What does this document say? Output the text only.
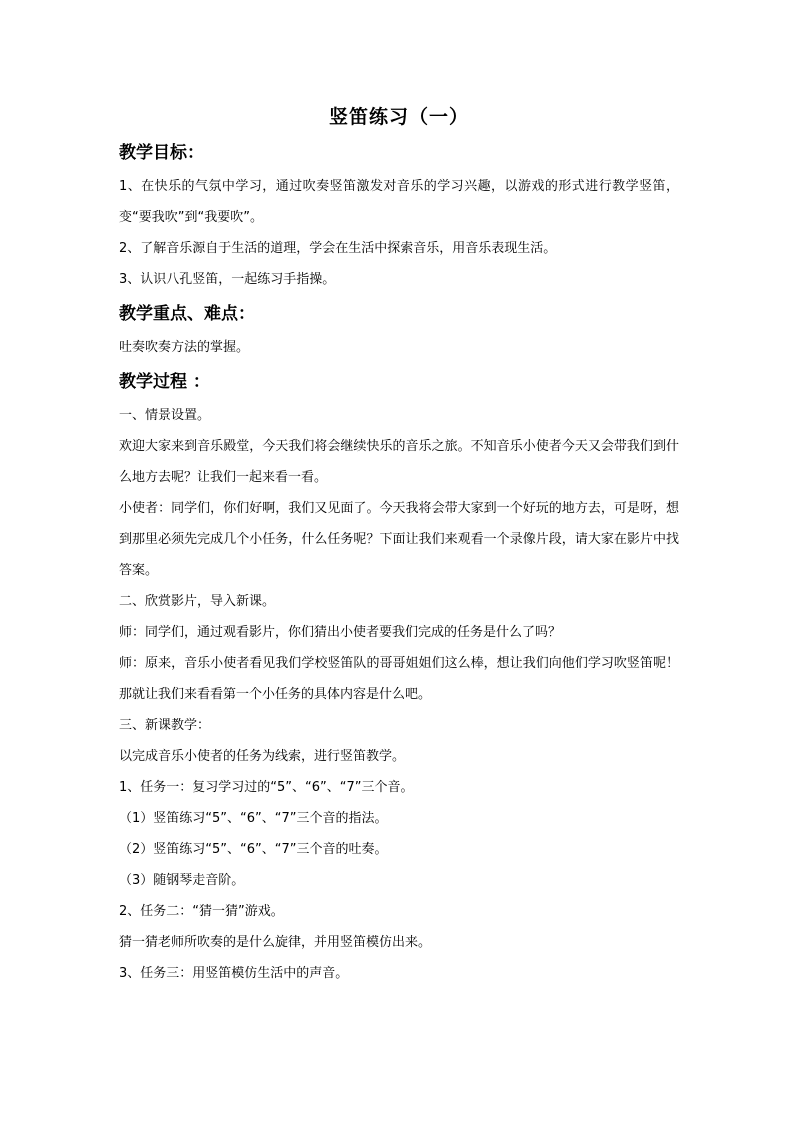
竖笛练习（一）
教学目标：

1、在快乐的气氛中学习，通过吹奏竖笛激发对音乐的学习兴趣，以游戏的形式进行教学竖笛，变“要我吹”到“我要吹”。

2、了解音乐源自于生活的道理，学会在生活中探索音乐，用音乐表现生活。

3、认识八孔竖笛，一起练习手指操。

教学重点、难点：

吐奏吹奏方法的掌握。

教学过程 ：

一、情景设置。

欢迎大家来到音乐殿堂，今天我们将会继续快乐的音乐之旅。不知音乐小使者今天又会带我们到什么地方去呢？让我们一起来看一看。

小使者：同学们，你们好啊，我们又见面了。今天我将会带大家到一个好玩的地方去，可是呀，想到那里必须先完成几个小任务，什么任务呢？下面让我们来观看一个录像片段，请大家在影片中找答案。

二、欣赏影片，导入新课。

师：同学们，通过观看影片，你们猜出小使者要我们完成的任务是什么了吗？

师：原来，音乐小使者看见我们学校竖笛队的哥哥姐姐们这么棒，想让我们向他们学习吹竖笛呢！那就让我们来看看第一个小任务的具体内容是什么吧。

三、新课教学：

以完成音乐小使者的任务为线索，进行竖笛教学。

1、任务一：复习学习过的“5”、“6”、“7”三个音。

（1）竖笛练习“5”、“6”、“7”三个音的指法。

（2）竖笛练习“5”、“6”、“7”三个音的吐奏。

（3）随钢琴走音阶。

2、任务二：“猜一猜”游戏。

猜一猜老师所吹奏的是什么旋律，并用竖笛模仿出来。

3、任务三：用竖笛模仿生活中的声音。
